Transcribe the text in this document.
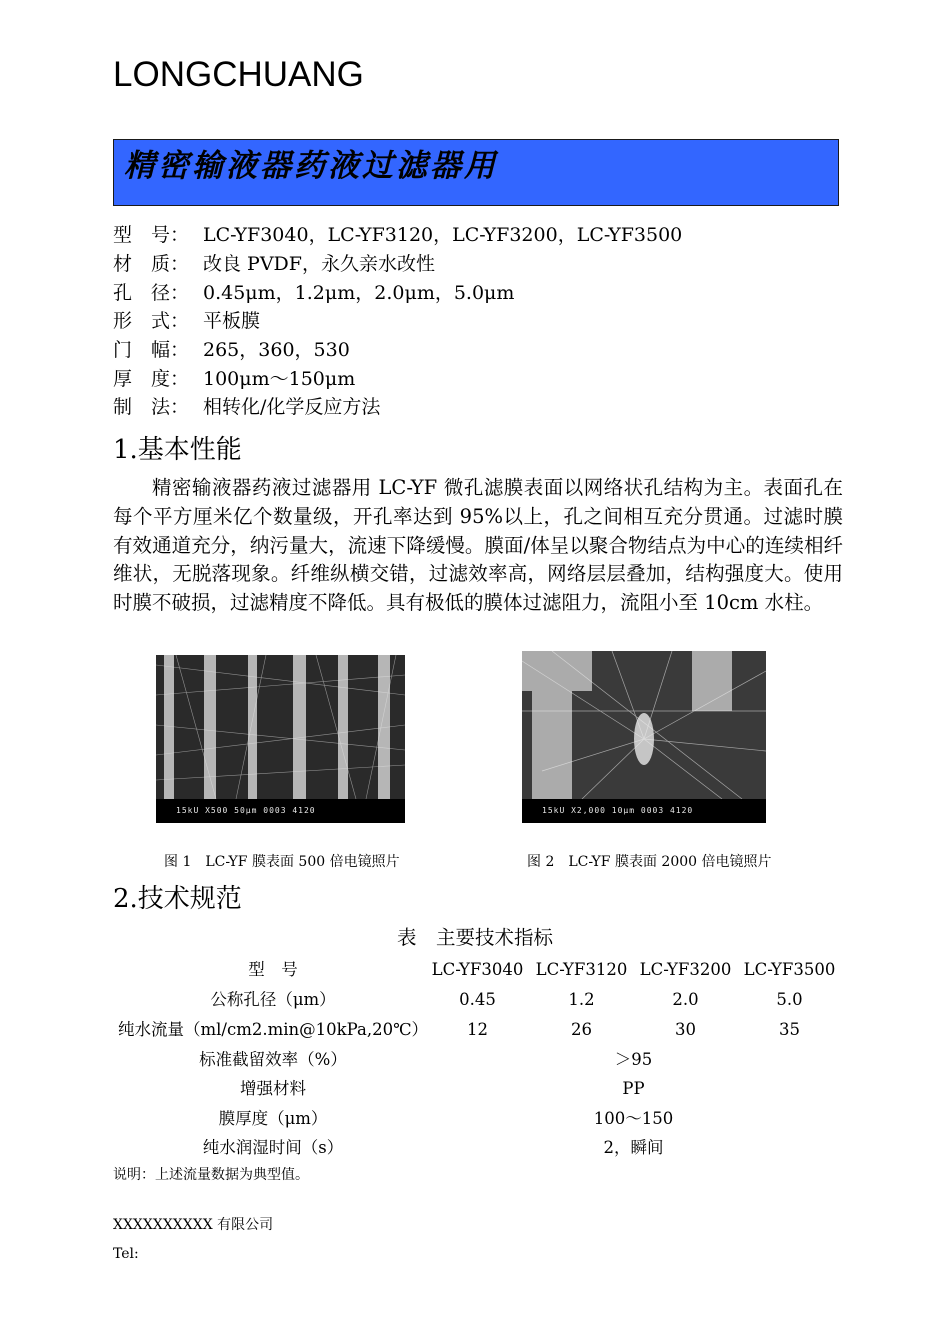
LONGCHUANG
精密输液器药液过滤器用
型　号： LC-YF3040，LC-YF3120，LC-YF3200，LC-YF3500
材　质： 改良 PVDF，永久亲水改性
孔　径： 0.45μm，1.2μm，2.0μm，5.0μm
形　式： 平板膜
门　幅： 265，360，530
厚　度： 100μm～150μm
制　法： 相转化/化学反应方法
1.基本性能
精密输液器药液过滤器用 LC-YF 微孔滤膜表面以网络状孔结构为主。表面孔在每个平方厘米亿个数量级，开孔率达到 95%以上，孔之间相互充分贯通。过滤时膜有效通道充分，纳污量大，流速下降缓慢。膜面/体呈以聚合物结点为中心的连续相纤维状，无脱落现象。纤维纵横交错，过滤效率高，网络层层叠加，结构强度大。使用时膜不破损，过滤精度不降低。具有极低的膜体过滤阻力，流阻小至 10cm 水柱。
15kU X500 50μm 0003 4120	15kU X2,000 10μm 0003 4120
图 1　LC-YF 膜表面 500 倍电镜照片	图 2　LC-YF 膜表面 2000 倍电镜照片
2.技术规范
表　主要技术指标
型　号	LC-YF3040 LC-YF3120 LC-YF3200 LC-YF3500
公称孔径（μm）	0.45	1.2	2.0	5.0
纯水流量（ml/cm2.min@10kPa,20℃）	12	26	30	35
标准截留效率（%）	＞95
增强材料	PP
膜厚度（μm）	100～150
纯水润湿时间（s）	2，瞬间
说明：上述流量数据为典型值。
XXXXXXXXXX 有限公司
Tel:
